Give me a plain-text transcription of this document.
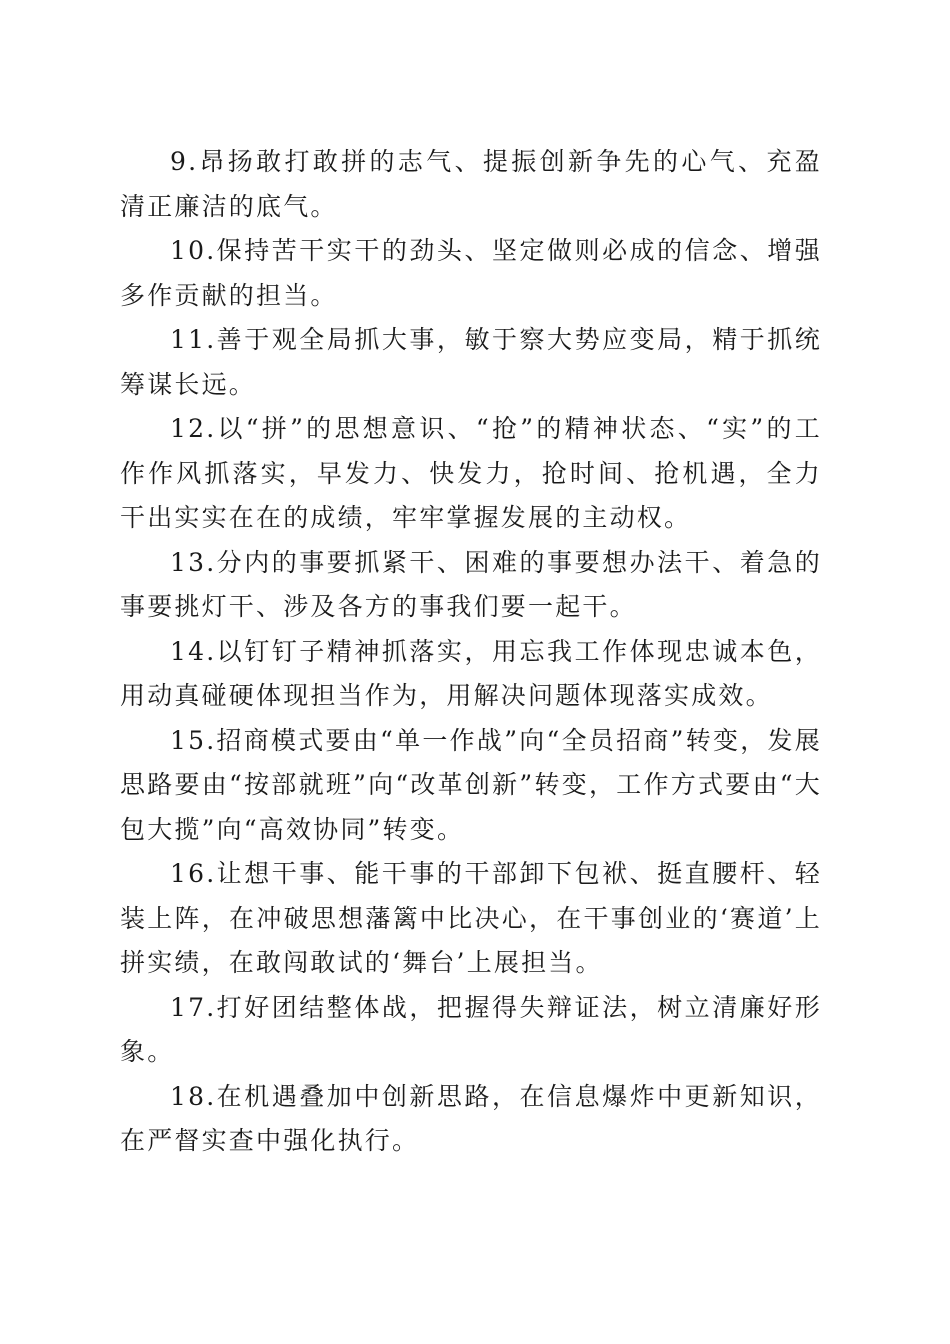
9.昂扬敢打敢拼的志气、提振创新争先的心气、充盈清正廉洁的底气。

10.保持苦干实干的劲头、坚定做则必成的信念、增强多作贡献的担当。

11.善于观全局抓大事，敏于察大势应变局，精于抓统筹谋长远。

12.以“拼”的思想意识、“抢”的精神状态、“实”的工作作风抓落实，早发力、快发力，抢时间、抢机遇，全力干出实实在在的成绩，牢牢掌握发展的主动权。

13.分内的事要抓紧干、困难的事要想办法干、着急的事要挑灯干、涉及各方的事我们要一起干。

14.以钉钉子精神抓落实，用忘我工作体现忠诚本色，用动真碰硬体现担当作为，用解决问题体现落实成效。

15.招商模式要由“单一作战”向“全员招商”转变，发展思路要由“按部就班”向“改革创新”转变，工作方式要由“大包大揽”向“高效协同”转变。

16.让想干事、能干事的干部卸下包袱、挺直腰杆、轻装上阵，在冲破思想藩篱中比决心，在干事创业的‘赛道’上拼实绩，在敢闯敢试的‘舞台’上展担当。

17.打好团结整体战，把握得失辩证法，树立清廉好形象。

18.在机遇叠加中创新思路，在信息爆炸中更新知识，在严督实查中强化执行。
